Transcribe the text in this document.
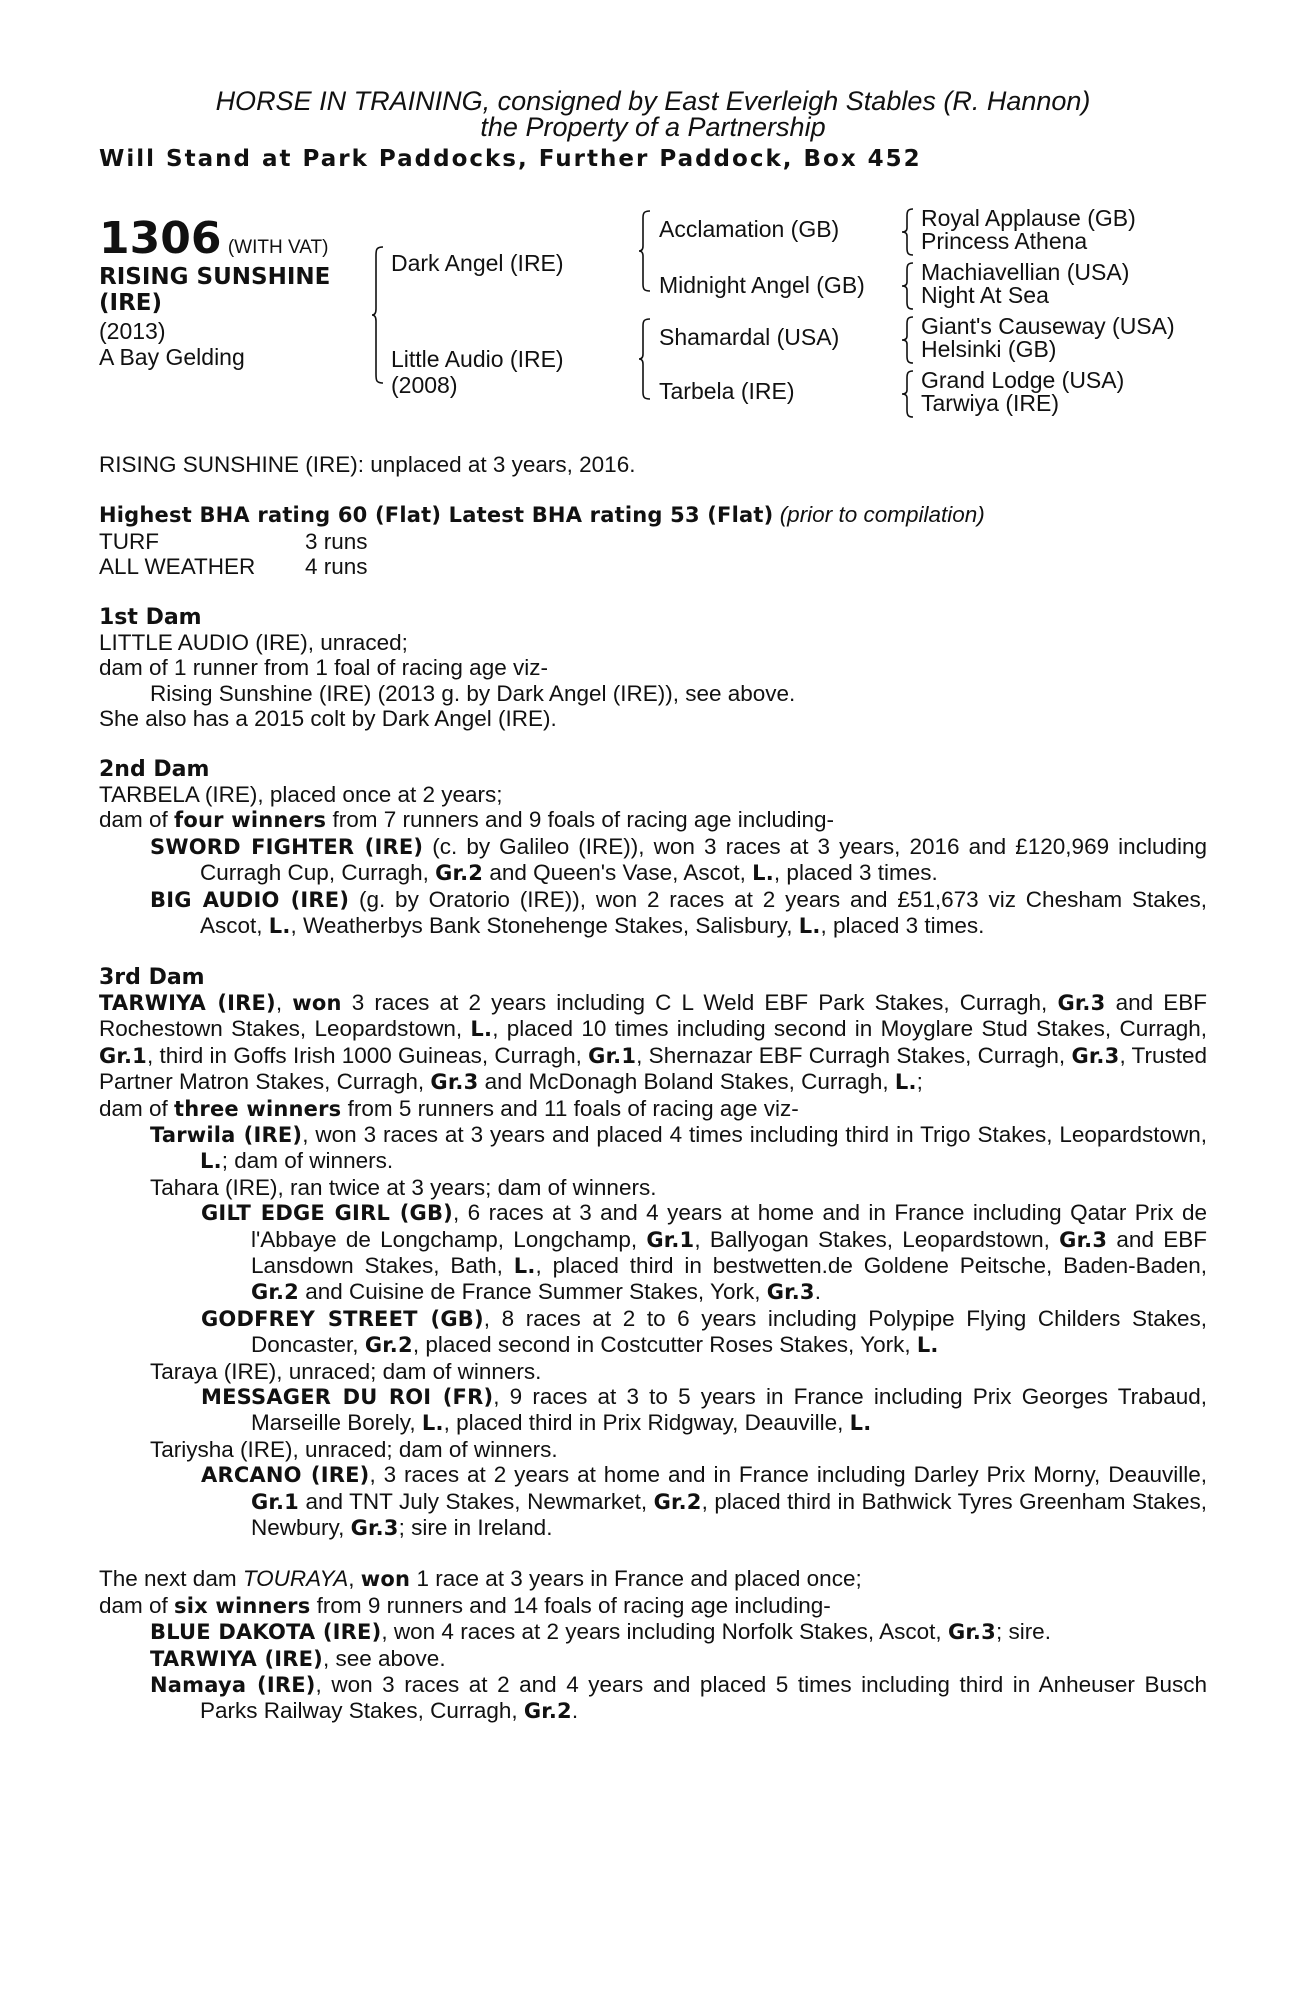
HORSE IN TRAINING, consigned by East Everleigh Stables (R. Hannon)
the Property of a Partnership
Will Stand at Park Paddocks, Further Paddock, Box 452
1306 (WITH VAT)
RISING SUNSHINE
(IRE)
(2013)
A Bay Gelding
Dark Angel (IRE)
Little Audio (IRE)
(2008)
Acclamation (GB)
Midnight Angel (GB)
Shamardal (USA)
Tarbela (IRE)
Royal Applause (GB)
Princess Athena
Machiavellian (USA)
Night At Sea
Giant's Causeway (USA)
Helsinki (GB)
Grand Lodge (USA)
Tarwiya (IRE)
RISING SUNSHINE (IRE): unplaced at 3 years, 2016.
Highest BHA rating 60 (Flat) Latest BHA rating 53 (Flat) (prior to compilation)
TURF	3 runs
ALL WEATHER	4 runs
1st Dam
LITTLE AUDIO (IRE), unraced;
dam of 1 runner from 1 foal of racing age viz-
Rising Sunshine (IRE) (2013 g. by Dark Angel (IRE)), see above.
She also has a 2015 colt by Dark Angel (IRE).
2nd Dam
TARBELA (IRE), placed once at 2 years;
dam of four winners from 7 runners and 9 foals of racing age including-
SWORD FIGHTER (IRE) (c. by Galileo (IRE)), won 3 races at 3 years, 2016 and £120,969 including Curragh Cup, Curragh, Gr.2 and Queen's Vase, Ascot, L., placed 3 times.
BIG AUDIO (IRE) (g. by Oratorio (IRE)), won 2 races at 2 years and £51,673 viz Chesham Stakes, Ascot, L., Weatherbys Bank Stonehenge Stakes, Salisbury, L., placed 3 times.
3rd Dam
TARWIYA (IRE), won 3 races at 2 years including C L Weld EBF Park Stakes, Curragh, Gr.3 and EBF Rochestown Stakes, Leopardstown, L., placed 10 times including second in Moyglare Stud Stakes, Curragh, Gr.1, third in Goffs Irish 1000 Guineas, Curragh, Gr.1, Shernazar EBF Curragh Stakes, Curragh, Gr.3, Trusted Partner Matron Stakes, Curragh, Gr.3 and McDonagh Boland Stakes, Curragh, L.;
dam of three winners from 5 runners and 11 foals of racing age viz-
Tarwila (IRE), won 3 races at 3 years and placed 4 times including third in Trigo Stakes, Leopardstown, L.; dam of winners.
Tahara (IRE), ran twice at 3 years; dam of winners.
GILT EDGE GIRL (GB), 6 races at 3 and 4 years at home and in France including Qatar Prix de l'Abbaye de Longchamp, Longchamp, Gr.1, Ballyogan Stakes, Leopardstown, Gr.3 and EBF Lansdown Stakes, Bath, L., placed third in bestwetten.de Goldene Peitsche, Baden-Baden, Gr.2 and Cuisine de France Summer Stakes, York, Gr.3.
GODFREY STREET (GB), 8 races at 2 to 6 years including Polypipe Flying Childers Stakes, Doncaster, Gr.2, placed second in Costcutter Roses Stakes, York, L.
Taraya (IRE), unraced; dam of winners.
MESSAGER DU ROI (FR), 9 races at 3 to 5 years in France including Prix Georges Trabaud, Marseille Borely, L., placed third in Prix Ridgway, Deauville, L.
Tariysha (IRE), unraced; dam of winners.
ARCANO (IRE), 3 races at 2 years at home and in France including Darley Prix Morny, Deauville, Gr.1 and TNT July Stakes, Newmarket, Gr.2, placed third in Bathwick Tyres Greenham Stakes, Newbury, Gr.3; sire in Ireland.
The next dam TOURAYA, won 1 race at 3 years in France and placed once;
dam of six winners from 9 runners and 14 foals of racing age including-
BLUE DAKOTA (IRE), won 4 races at 2 years including Norfolk Stakes, Ascot, Gr.3; sire.
TARWIYA (IRE), see above.
Namaya (IRE), won 3 races at 2 and 4 years and placed 5 times including third in Anheuser Busch Parks Railway Stakes, Curragh, Gr.2.
